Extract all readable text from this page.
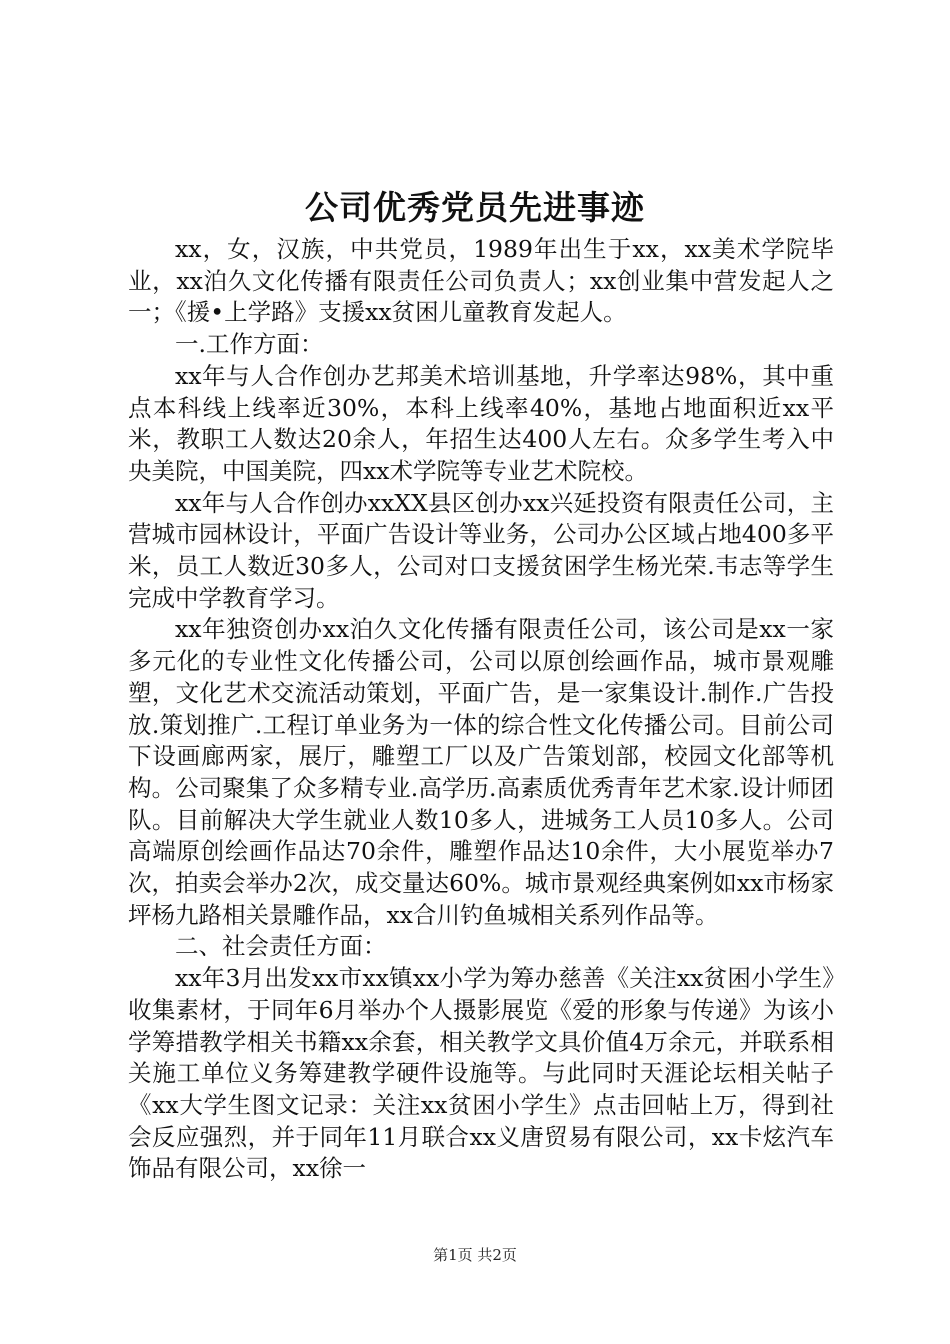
公司优秀党员先进事迹

xx，女，汉族，中共党员，1989年出生于xx，xx美术学院毕业，xx泊久文化传播有限责任公司负责人；xx创业集中营发起人之一；《援•上学路》支援xx贫困儿童教育发起人。

一.工作方面：

xx年与人合作创办艺邦美术培训基地，升学率达98%，其中重点本科线上线率近30%，本科上线率40%，基地占地面积近xx平米，教职工人数达20余人，年招生达400人左右。众多学生考入中央美院，中国美院，四xx术学院等专业艺术院校。

xx年与人合作创办xxXX县区创办xx兴延投资有限责任公司，主营城市园林设计，平面广告设计等业务，公司办公区域占地400多平米，员工人数近30多人，公司对口支援贫困学生杨光荣.韦志等学生完成中学教育学习。

xx年独资创办xx泊久文化传播有限责任公司，该公司是xx一家多元化的专业性文化传播公司，公司以原创绘画作品，城市景观雕塑，文化艺术交流活动策划，平面广告，是一家集设计.制作.广告投放.策划推广.工程订单业务为一体的综合性文化传播公司。目前公司下设画廊两家，展厅，雕塑工厂以及广告策划部，校园文化部等机构。公司聚集了众多精专业.高学历.高素质优秀青年艺术家.设计师团队。目前解决大学生就业人数10多人，进城务工人员10多人。公司高端原创绘画作品达70余件，雕塑作品达10余件，大小展览举办7次，拍卖会举办2次，成交量达60%。城市景观经典案例如xx市杨家坪杨九路相关景雕作品，xx合川钓鱼城相关系列作品等。

二、社会责任方面：

xx年3月出发xx市xx镇xx小学为筹办慈善《关注xx贫困小学生》收集素材，于同年6月举办个人摄影展览《爱的形象与传递》为该小学筹措教学相关书籍xx余套，相关教学文具价值4万余元，并联系相关施工单位义务筹建教学硬件设施等。与此同时天涯论坛相关帖子《xx大学生图文记录：关注xx贫困小学生》点击回帖上万，得到社会反应强烈，并于同年11月联合xx义唐贸易有限公司，xx卡炫汽车饰品有限公司，xx徐一

第1页 共2页
